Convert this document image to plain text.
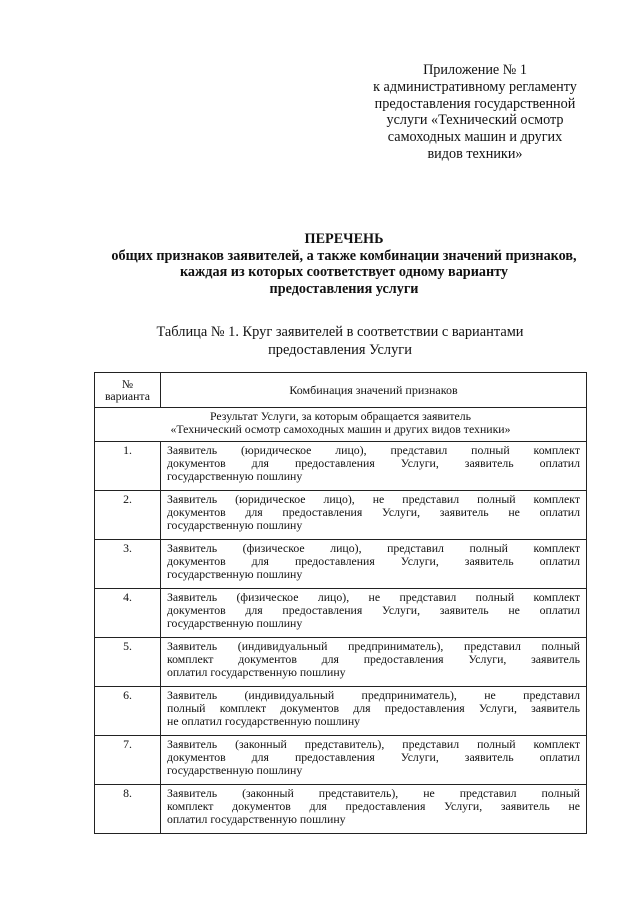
Приложение № 1
к административному регламенту
предоставления государственной
услуги «Технический осмотр
самоходных машин и других
видов техники»
ПЕРЕЧЕНЬ
общих признаков заявителей, а также комбинации значений признаков,
каждая из которых соответствует одному варианту
предоставления услуги
Таблица № 1. Круг заявителей в соответствии с вариантами
предоставления Услуги
№
варианта	Комбинация значений признаков
Результат Услуги, за которым обращается заявитель
«Технический осмотр самоходных машин и других видов техники»	
1.	Заявитель (юридическое лицо), представил полный комплект
документов для предоставления Услуги, заявитель оплатил
государственную пошлину

2.	Заявитель (юридическое лицо), не представил полный комплект
документов для предоставления Услуги, заявитель не оплатил
государственную пошлину

3.	Заявитель (физическое лицо), представил полный комплект
документов для предоставления Услуги, заявитель оплатил
государственную пошлину

4.	Заявитель (физическое лицо), не представил полный комплект
документов для предоставления Услуги, заявитель не оплатил
государственную пошлину

5.	Заявитель (индивидуальный предприниматель), представил полный
комплект документов для предоставления Услуги, заявитель
оплатил государственную пошлину

6.	Заявитель (индивидуальный предприниматель), не представил
полный комплект документов для предоставления Услуги, заявитель
не оплатил государственную пошлину

7.	Заявитель (законный представитель), представил полный комплект
документов для предоставления Услуги, заявитель оплатил
государственную пошлину

8.	Заявитель (законный представитель), не представил полный
комплект документов для предоставления Услуги, заявитель не
оплатил государственную пошлину
